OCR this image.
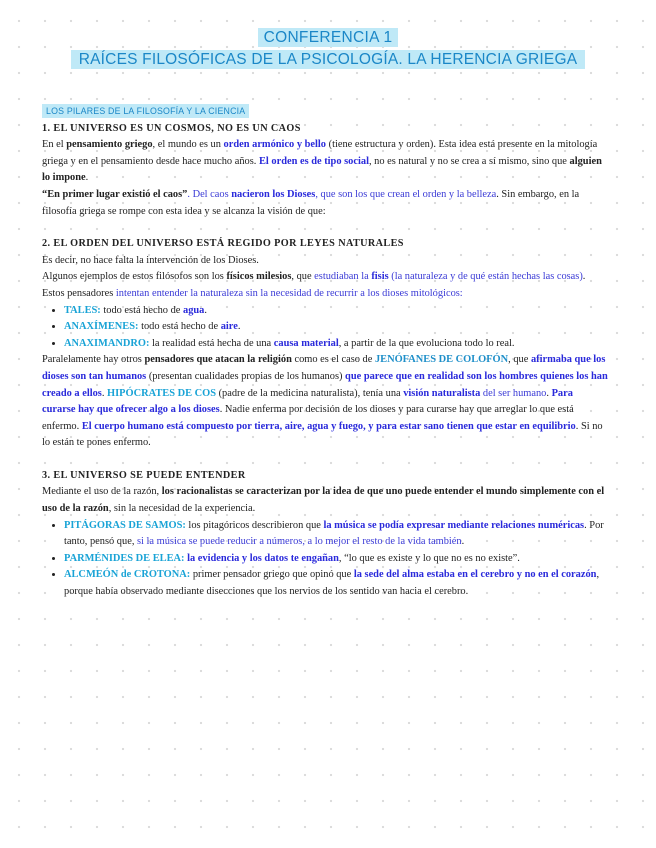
CONFERENCIA 1
RAÍCES FILOSÓFICAS DE LA PSICOLOGÍA. LA HERENCIA GRIEGA
LOS PILARES DE LA FILOSOFÍA Y LA CIENCIA
1. EL UNIVERSO ES UN COSMOS, NO ES UN CAOS

En el pensamiento griego, el mundo es un orden armónico y bello (tiene estructura y orden). Esta idea está presente en la mitología griega y en el pensamiento desde hace mucho años. El orden es de tipo social, no es natural y no se crea a sí mismo, sino que alguien lo impone.
“En primer lugar existió el caos”. Del caos nacieron los Dioses, que son los que crean el orden y la belleza. Sin embargo, en la filosofía griega se rompe con esta idea y se alcanza la visión de que:

2. EL ORDEN DEL UNIVERSO ESTÁ REGIDO POR LEYES NATURALES

Es decir, no hace falta la intervención de los Dioses.

Algunos ejemplos de estos filósofos son los físicos milesios, que estudiaban la fisis (la naturaleza y de qué están hechas las cosas). Estos pensadores intentan entender la naturaleza sin la necesidad de recurrir a los dioses mitológicos:

• TALES: todo está hecho de agua.
• ANAXÍMENES: todo está hecho de aire.
• ANAXIMANDRO: la realidad está hecha de una causa material, a partir de la que evoluciona todo lo real.

Paralelamente hay otros pensadores que atacan la religión como es el caso de JENÓFANES DE COLOFÓN, que afirmaba que los dioses son tan humanos (presentan cualidades propias de los humanos) que parece que en realidad son los hombres quienes los han creado a ellos. HIPÓCRATES DE COS (padre de la medicina naturalista), tenía una visión naturalista del ser humano. Para curarse hay que ofrecer algo a los dioses. Nadie enferma por decisión de los dioses y para curarse hay que arreglar lo que está enfermo. El cuerpo humano está compuesto por tierra, aire, agua y fuego, y para estar sano tienen que estar en equilibrio. Si no lo están te pones enfermo.

3. EL UNIVERSO SE PUEDE ENTENDER

Mediante el uso de la razón, los racionalistas se caracterizan por la idea de que uno puede entender el mundo simplemente con el uso de la razón, sin la necesidad de la experiencia.

• PITÁGORAS DE SAMOS: los pitagóricos describieron que la música se podía expresar mediante relaciones numéricas. Por tanto, pensó que, si la música se puede reducir a números, a lo mejor el resto de la vida también.
• PARMÉNIDES DE ELEA: la evidencia y los datos te engañan, “lo que es existe y lo que no es no existe”.
• ALCMEÓN de CROTONA: primer pensador griego que opinó que la sede del alma estaba en el cerebro y no en el corazón, porque había observado mediante disecciones que los nervios de los sentido van hacia el cerebro.
